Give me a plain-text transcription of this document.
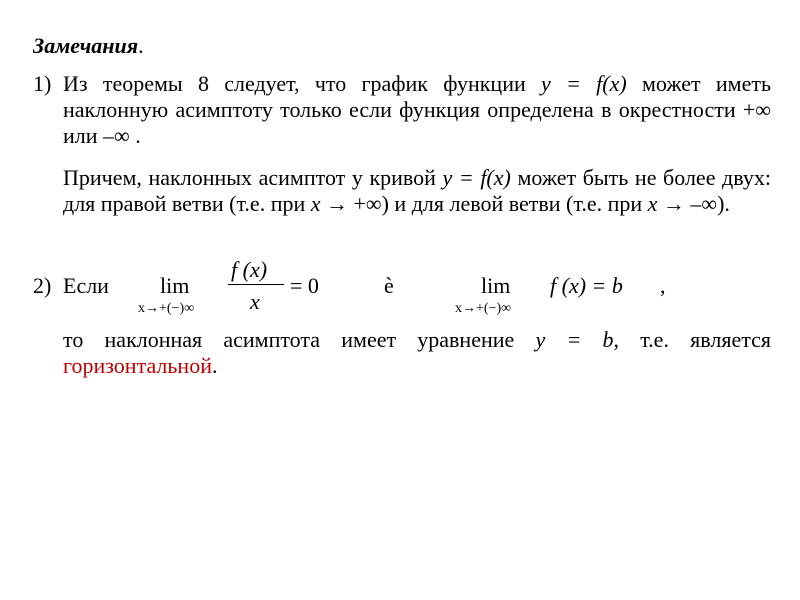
Замечания.
1) Из теоремы 8 следует, что график функции y = f(x) может иметь наклонную асимптоту только если функция определена в окрестности +∞ или –∞ .
Причем, наклонных асимптот у кривой y = f(x) может быть не более двух: для правой ветви (т.е. при x → +∞) и для левой ветви (т.е. при x → –∞).
2) Если lim
x→+(−)∞
f (x)
x
= 0	è	lim
x→+(−)∞
f (x) = b ,
то наклонная асимптота имеет уравнение y = b, т.е. является горизонтальной.
